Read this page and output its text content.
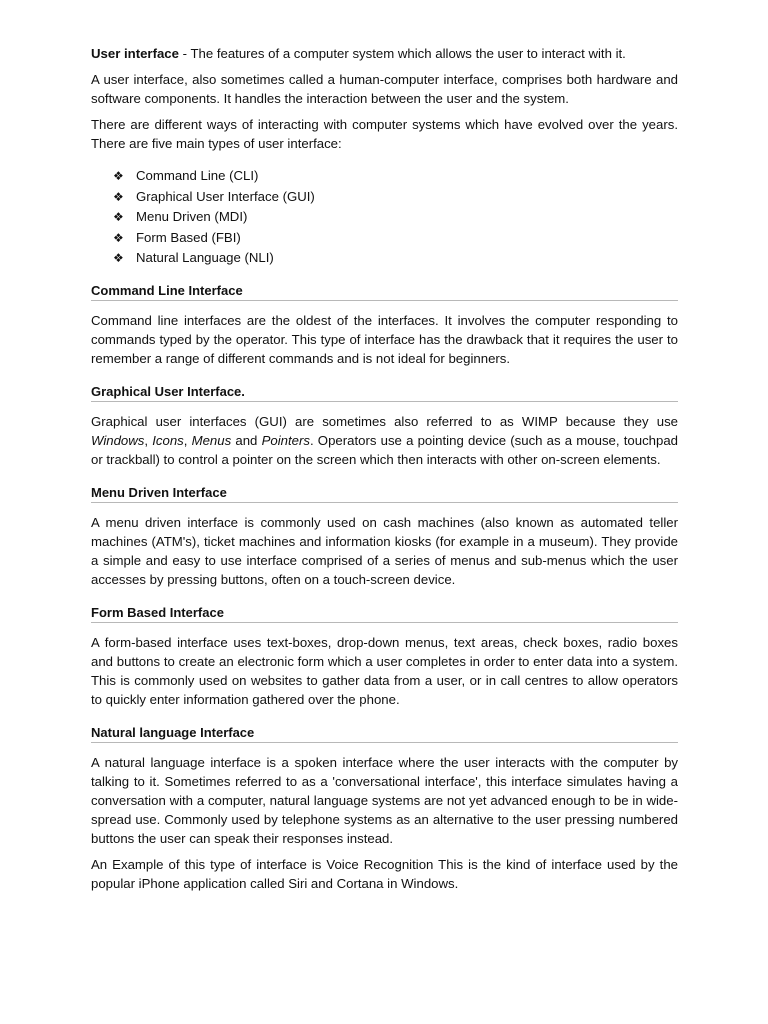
User interface - The features of a computer system which allows the user to interact with it.

A user interface, also sometimes called a human-computer interface, comprises both hardware and software components. It handles the interaction between the user and the system.

There are different ways of interacting with computer systems which have evolved over the years. There are five main types of user interface:

❖ Command Line (CLI)
❖ Graphical User Interface (GUI)
❖ Menu Driven (MDI)
❖ Form Based (FBI)
❖ Natural Language (NLI)
Command Line Interface

Command line interfaces are the oldest of the interfaces. It involves the computer responding to commands typed by the operator. This type of interface has the drawback that it requires the user to remember a range of different commands and is not ideal for beginners.

Graphical User Interface.

Graphical user interfaces (GUI) are sometimes also referred to as WIMP because they use Windows, Icons, Menus and Pointers. Operators use a pointing device (such as a mouse, touchpad or trackball) to control a pointer on the screen which then interacts with other on-screen elements.

Menu Driven Interface

A menu driven interface is commonly used on cash machines (also known as automated teller machines (ATM's), ticket machines and information kiosks (for example in a museum). They provide a simple and easy to use interface comprised of a series of menus and sub-menus which the user accesses by pressing buttons, often on a touch-screen device.

Form Based Interface

A form-based interface uses text-boxes, drop-down menus, text areas, check boxes, radio boxes and buttons to create an electronic form which a user completes in order to enter data into a system. This is commonly used on websites to gather data from a user, or in call centres to allow operators to quickly enter information gathered over the phone.

Natural language Interface

A natural language interface is a spoken interface where the user interacts with the computer by talking to it. Sometimes referred to as a 'conversational interface', this interface simulates having a conversation with a computer, natural language systems are not yet advanced enough to be in wide-spread use. Commonly used by telephone systems as an alternative to the user pressing numbered buttons the user can speak their responses instead.

An Example of this type of interface is Voice Recognition This is the kind of interface used by the popular iPhone application called Siri and Cortana in Windows.
